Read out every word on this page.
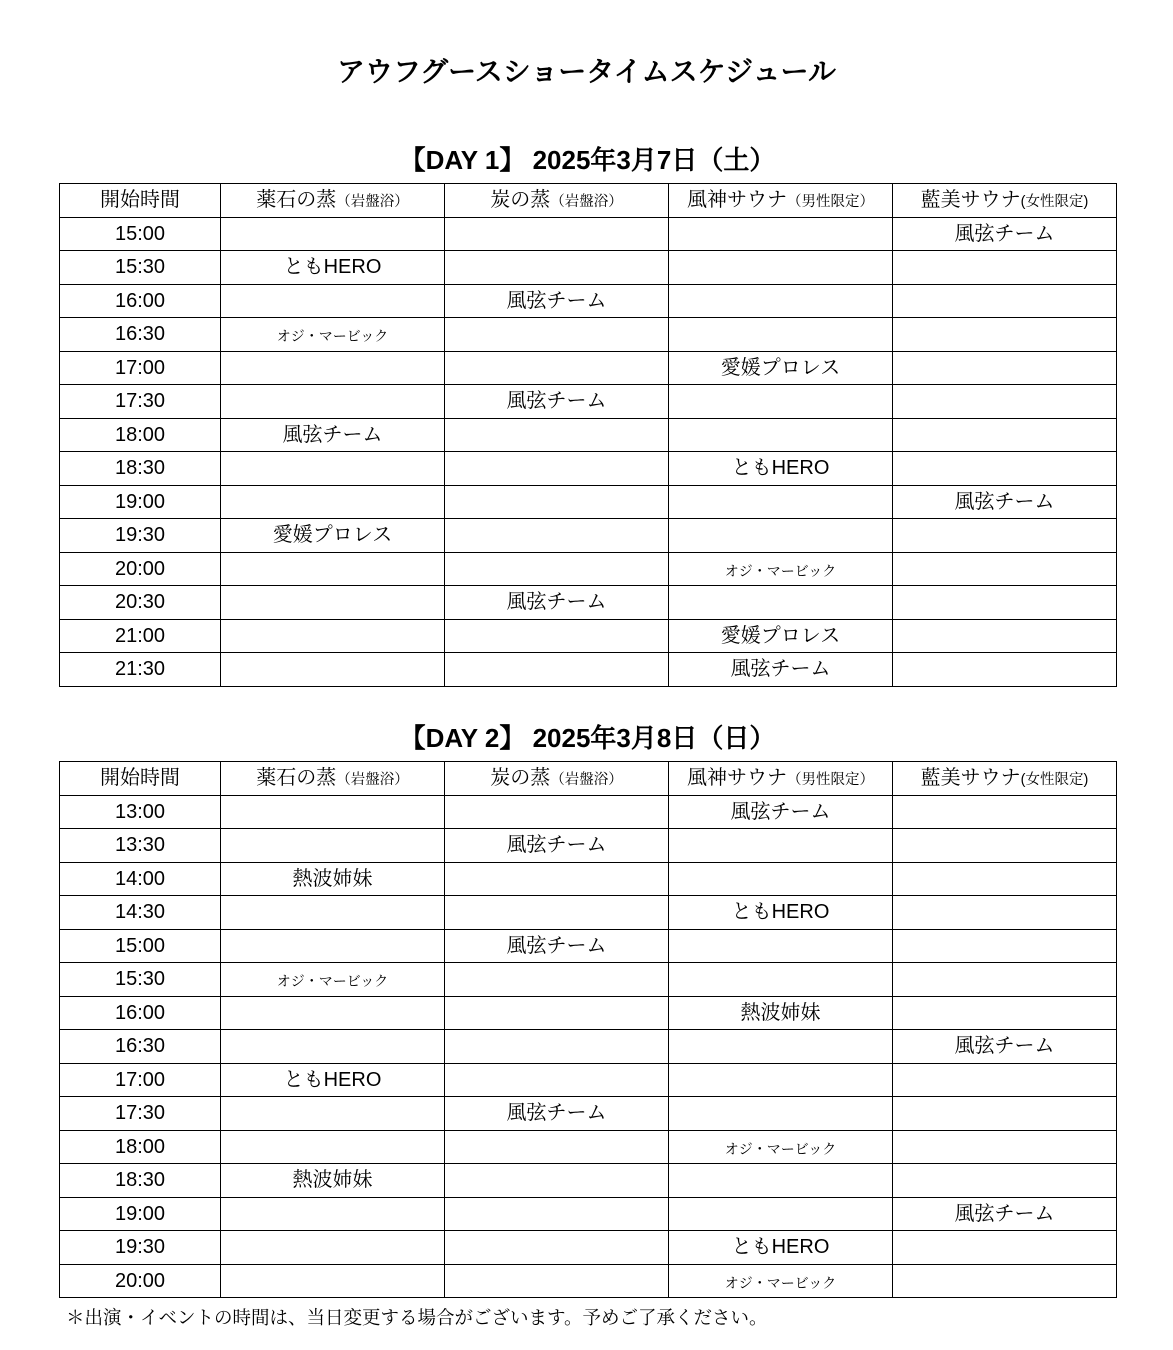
アウフグースショータイムスケジュール
【DAY 1】 2025年3月7日（土）
開始時間	薬石の蒸（岩盤浴）	炭の蒸（岩盤浴）	風神サウナ（男性限定）	藍美サウナ(女性限定)
15:00				風弦チーム
15:30	ともHERO			
16:00		風弦チーム		
16:30	オジ・マービック			
17:00			愛媛プロレス	
17:30		風弦チーム		
18:00	風弦チーム			
18:30			ともHERO	
19:00				風弦チーム
19:30	愛媛プロレス			
20:00			オジ・マービック	
20:30		風弦チーム		
21:00			愛媛プロレス	
21:30			風弦チーム	
【DAY 2】 2025年3月8日（日）
開始時間	薬石の蒸（岩盤浴）	炭の蒸（岩盤浴）	風神サウナ（男性限定）	藍美サウナ(女性限定)
13:00			風弦チーム	
13:30		風弦チーム		
14:00	熱波姉妹			
14:30			ともHERO	
15:00		風弦チーム		
15:30	オジ・マービック			
16:00			熱波姉妹	
16:30				風弦チーム
17:00	ともHERO			
17:30		風弦チーム		
18:00			オジ・マービック	
18:30	熱波姉妹			
19:00				風弦チーム
19:30			ともHERO	
20:00			オジ・マービック	

＊出演・イベントの時間は、当日変更する場合がございます。予めご了承ください。
